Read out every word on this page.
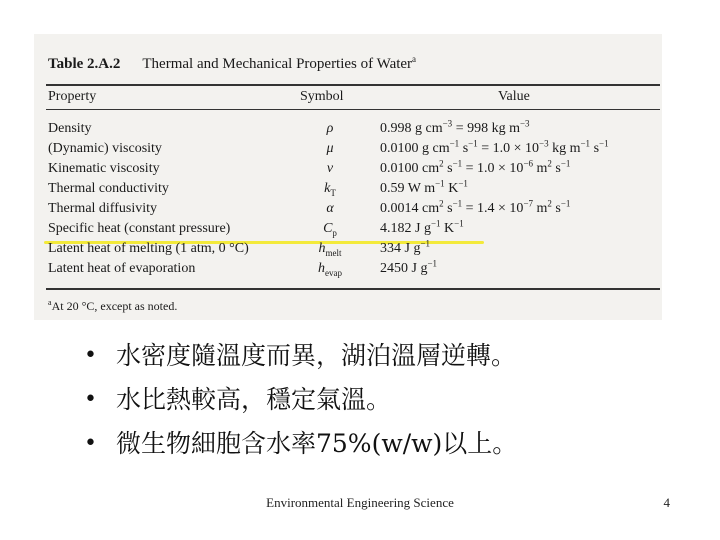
Table 2.A.2 Thermal and Mechanical Properties of Water$^a$
Property	Symbol	Value
Density	ρ	0.998 g $cm^{-3} = 998$ kg $m^{-3}$
(Dynamic) viscosity	μ	0.0100 g $cm^{-1}$ $s^{-1} = 1.0 \times 10^{-3}$ kg $m^{-1}$ $s^{-1}$
Kinematic viscosity	ν	0.0100 $cm^2$ $s^{-1} = 1.0 \times 10^{-6}$ $m^2$ $s^{-1}$
Thermal conductivity	$k_T$	0.59 W $m^{-1}$ $K^{-1}$
Thermal diffusivity	α	0.0014 $cm^2$ $s^{-1} = 1.4 \times 10^{-7}$ $m^2$ $s^{-1}$
Specific heat (constant pressure)	$C_p$	4.182 J $g^{-1}$ $K^{-1}$
Latent heat of melting (1 atm, 0 °C)	$h_{melt}$	334 J $g^{-1}$
Latent heat of evaporation	$h_{evap}$	2450 J $g^{-1}$
$^a$At 20 °C, except as noted.
• 水密度隨溫度而異，湖泊溫層逆轉。
• 水比熱較高，穩定氣溫。
• 微生物細胞含水率75%(w/w)以上。
Environmental Engineering Science	4
